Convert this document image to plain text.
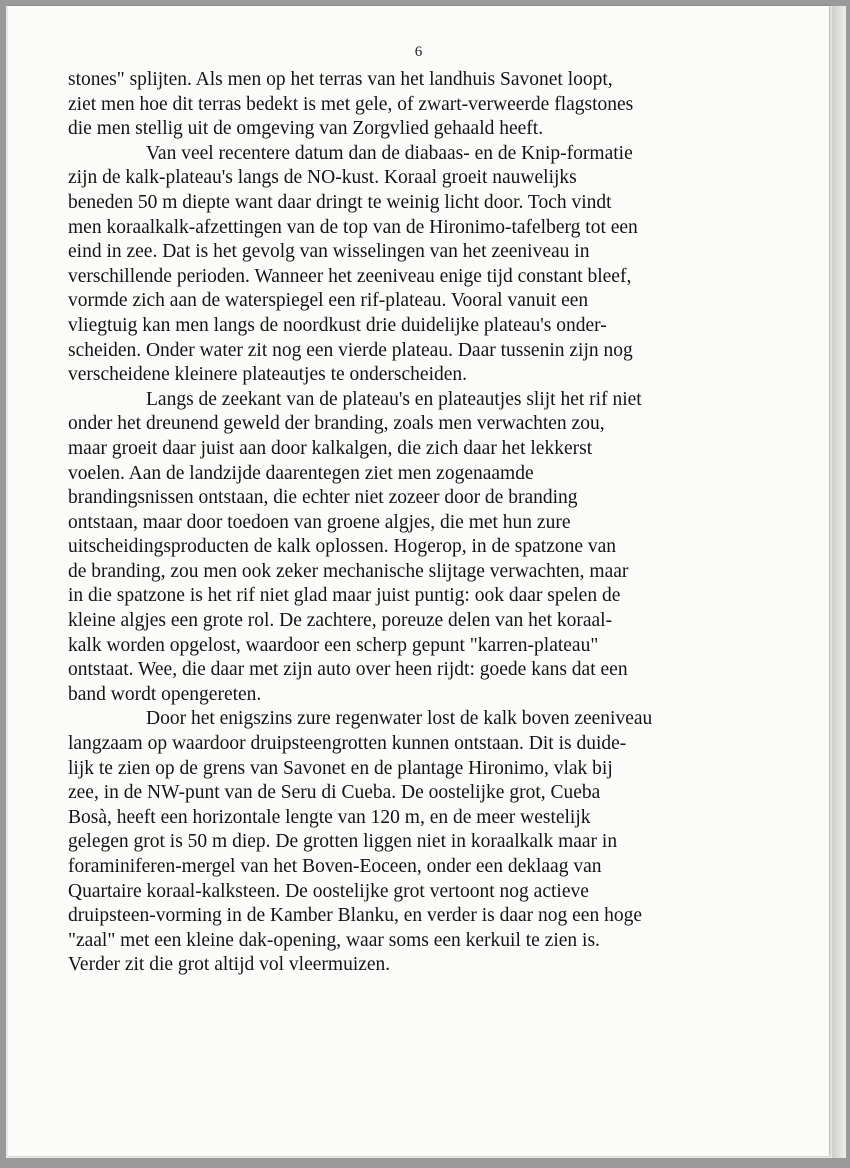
6
stones" splijten. Als men op het terras van het landhuis Savonet loopt,
ziet men hoe dit terras bedekt is met gele, of zwart-verweerde flagstones
die men stellig uit de omgeving van Zorgvlied gehaald heeft.
Van veel recentere datum dan de diabaas- en de Knip-formatie
zijn de kalk-plateau's langs de NO-kust. Koraal groeit nauwelijks
beneden 50 m diepte want daar dringt te weinig licht door. Toch vindt
men koraalkalk-afzettingen van de top van de Hironimo-tafelberg tot een
eind in zee. Dat is het gevolg van wisselingen van het zeeniveau in
verschillende perioden. Wanneer het zeeniveau enige tijd constant bleef,
vormde zich aan de waterspiegel een rif-plateau. Vooral vanuit een
vliegtuig kan men langs de noordkust drie duidelijke plateau's onder-
scheiden. Onder water zit nog een vierde plateau. Daar tussenin zijn nog
verscheidene kleinere plateautjes te onderscheiden.
Langs de zeekant van de plateau's en plateautjes slijt het rif niet
onder het dreunend geweld der branding, zoals men verwachten zou,
maar groeit daar juist aan door kalkalgen, die zich daar het lekkerst
voelen. Aan de landzijde daarentegen ziet men zogenaamde
brandingsnissen ontstaan, die echter niet zozeer door de branding
ontstaan, maar door toedoen van groene algjes, die met hun zure
uitscheidingsproducten de kalk oplossen. Hogerop, in de spatzone van
de branding, zou men ook zeker mechanische slijtage verwachten, maar
in die spatzone is het rif niet glad maar juist puntig: ook daar spelen de
kleine algjes een grote rol. De zachtere, poreuze delen van het koraal-
kalk worden opgelost, waardoor een scherp gepunt "karren-plateau"
ontstaat. Wee, die daar met zijn auto over heen rijdt: goede kans dat een
band wordt opengereten.
Door het enigszins zure regenwater lost de kalk boven zeeniveau
langzaam op waardoor druipsteengrotten kunnen ontstaan. Dit is duide-
lijk te zien op de grens van Savonet en de plantage Hironimo, vlak bij
zee, in de NW-punt van de Seru di Cueba. De oostelijke grot, Cueba
Bosà, heeft een horizontale lengte van 120 m, en de meer westelijk
gelegen grot is 50 m diep. De grotten liggen niet in koraalkalk maar in
foraminiferen-mergel van het Boven-Eoceen, onder een deklaag van
Quartaire koraal-kalksteen. De oostelijke grot vertoont nog actieve
druipsteen-vorming in de Kamber Blanku, en verder is daar nog een hoge
"zaal" met een kleine dak-opening, waar soms een kerkuil te zien is.
Verder zit die grot altijd vol vleermuizen.
